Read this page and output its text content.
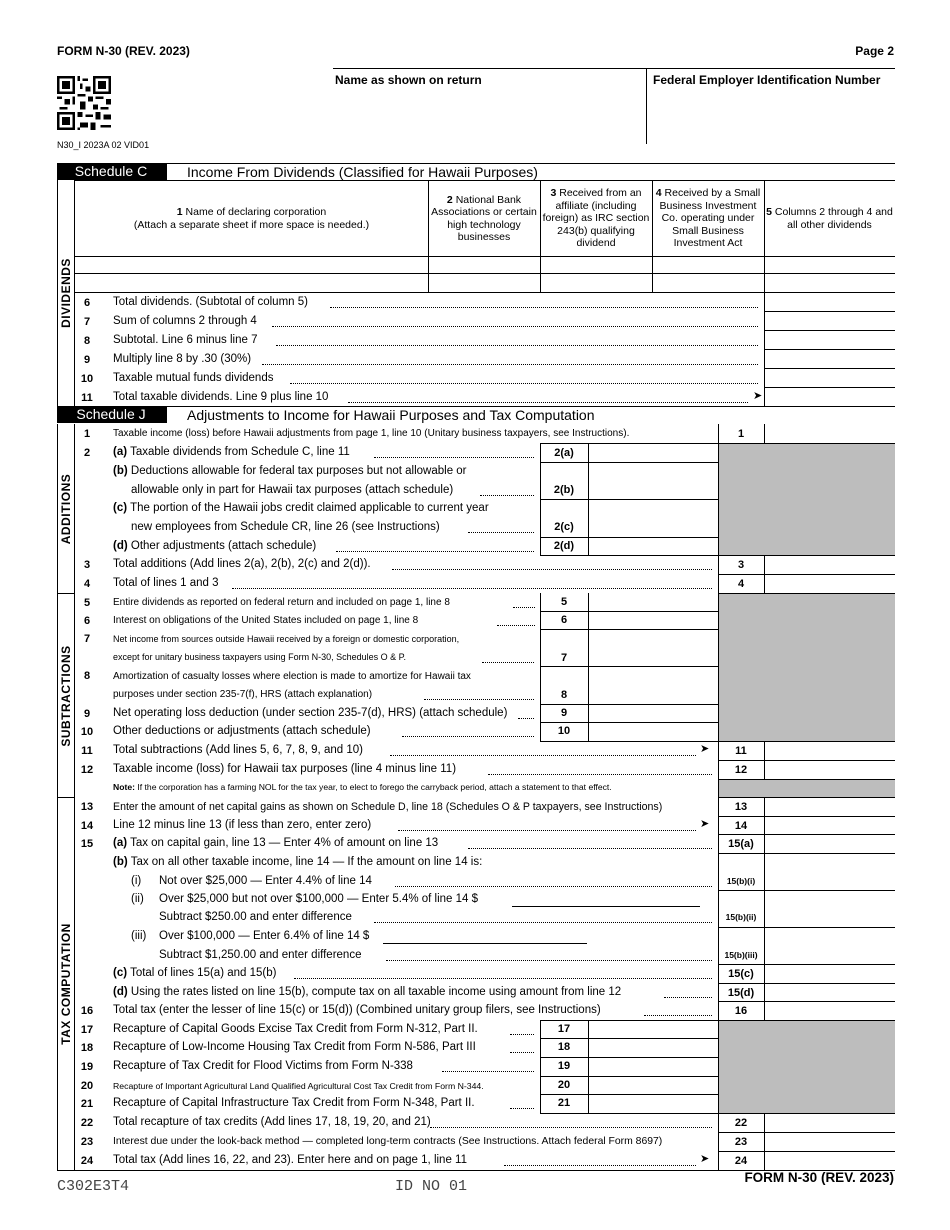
FORM N-30 (REV. 2023)	Page 2
N30_I 2023A 02 VID01
Name as shown on return	Federal Employer Identification Number
Schedule C	Income From Dividends (Classified for Hawaii Purposes)
DIVIDENDS
1 Name of declaring corporation
(Attach a separate sheet if more space is needed.)
2 National Bank Associations or certain high technology businesses
3 Received from an affiliate (including foreign) as IRC section 243(b) qualifying dividend
4 Received by a Small Business Investment Co. operating under Small Business Investment Act
5 Columns 2 through 4 and all other dividends
6	Total dividends. (Subtotal of column 5)
7	Sum of columns 2 through 4
8	Subtotal. Line 6 minus line 7
9	Multiply line 8 by .30 (30%)
10 Taxable mutual funds dividends
11 Total taxable dividends. Line 9 plus line 10	➤
Schedule J	Adjustments to Income for Hawaii Purposes and Tax Computation
ADDITIONS
SUBTRACTIONS
TAX COMPUTATION
1	Taxable income (loss) before Hawaii adjustments from page 1, line 10 (Unitary business taxpayers, see Instructions).	1
2	(a) Taxable dividends from Schedule C, line 11	2(a)
(b) Deductions allowable for federal tax purposes but not allowable or
allowable only in part for Hawaii tax purposes (attach schedule)	2(b)
(c) The portion of the Hawaii jobs credit claimed applicable to current year
new employees from Schedule CR, line 26 (see Instructions)	2(c)
(d) Other adjustments (attach schedule)	2(d)
3	Total additions (Add lines 2(a), 2(b), 2(c) and 2(d)).	3
4	Total of lines 1 and 3	4
5	Entire dividends as reported on federal return and included on page 1, line 8	5
6	Interest on obligations of the United States included on page 1, line 8	6
7	Net income from sources outside Hawaii received by a foreign or domestic corporation,
except for unitary business taxpayers using Form N-30, Schedules O & P.	7
8	Amortization of casualty losses where election is made to amortize for Hawaii tax
purposes under section 235-7(f), HRS (attach explanation)	8
9	Net operating loss deduction (under section 235-7(d), HRS) (attach schedule)	9
10 Other deductions or adjustments (attach schedule)	10
11 Total subtractions (Add lines 5, 6, 7, 8, 9, and 10)	➤	11
12 Taxable income (loss) for Hawaii tax purposes (line 4 minus line 11)	12
Note: If the corporation has a farming NOL for the tax year, to elect to forego the carryback period, attach a statement to that effect.
13 Enter the amount of net capital gains as shown on Schedule D, line 18 (Schedules O & P taxpayers, see Instructions)	13
14 Line 12 minus line 13 (if less than zero, enter zero)	➤	14
15 (a) Tax on capital gain, line 13 — Enter 4% of amount on line 13	15(a)
(b) Tax on all other taxable income, line 14 — If the amount on line 14 is:
(i) Not over $25,000 — Enter 4.4% of line 14	15(b)(i)
(ii) Over $25,000 but not over $100,000 — Enter 5.4% of line 14 $
Subtract $250.00 and enter difference	15(b)(ii)
(iii) Over $100,000 — Enter 6.4% of line 14 $
Subtract $1,250.00 and enter difference	15(b)(iii)
(c) Total of lines 15(a) and 15(b)	15(c)
(d) Using the rates listed on line 15(b), compute tax on all taxable income using amount from line 12	15(d)
16 Total tax (enter the lesser of line 15(c) or 15(d)) (Combined unitary group filers, see Instructions)	16
17 Recapture of Capital Goods Excise Tax Credit from Form N-312, Part II.	17
18 Recapture of Low-Income Housing Tax Credit from Form N-586, Part III	18
19 Recapture of Tax Credit for Flood Victims from Form N-338	19
20	Recapture of Important Agricultural Land Qualified Agricultural Cost Tax Credit from Form N-344.	20
21 Recapture of Capital Infrastructure Tax Credit from Form N-348, Part II.	21
22 Total recapture of tax credits (Add lines 17, 18, 19, 20, and 21)	22
23 Interest due under the look-back method — completed long-term contracts (See Instructions. Attach federal Form 8697)	23
24 Total tax (Add lines 16, 22, and 23). Enter here and on page 1, line 11	➤	24
C302E3T4	ID NO 01
FORM N-30 (REV. 2023)
